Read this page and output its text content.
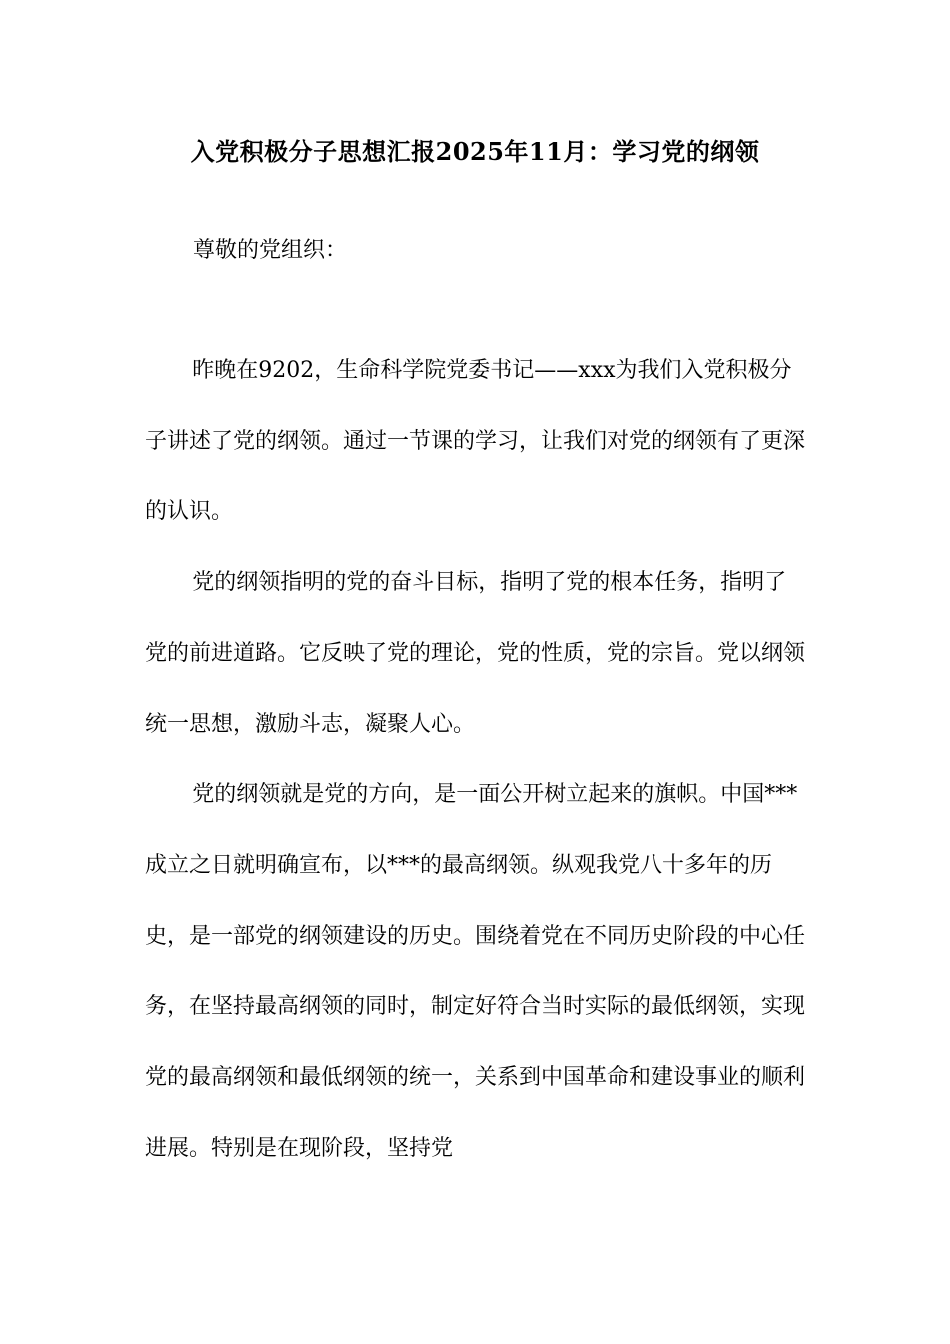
入党积极分子思想汇报2025年11月：学习党的纲领

尊敬的党组织：

昨晚在9202，生命科学院党委书记——xxx为我们入党积极分子讲述了党的纲领。通过一节课的学习，让我们对党的纲领有了更深的认识。

党的纲领指明的党的奋斗目标，指明了党的根本任务，指明了党的前进道路。它反映了党的理论，党的性质，党的宗旨。党以纲领统一思想，激励斗志，凝聚人心。

党的纲领就是党的方向，是一面公开树立起来的旗帜。中国***成立之日就明确宣布，以***的最高纲领。纵观我党八十多年的历史，是一部党的纲领建设的历史。围绕着党在不同历史阶段的中心任务，在坚持最高纲领的同时，制定好符合当时实际的最低纲领，实现党的最高纲领和最低纲领的统一，关系到中国革命和建设事业的顺利进展。特别是在现阶段，坚持党
